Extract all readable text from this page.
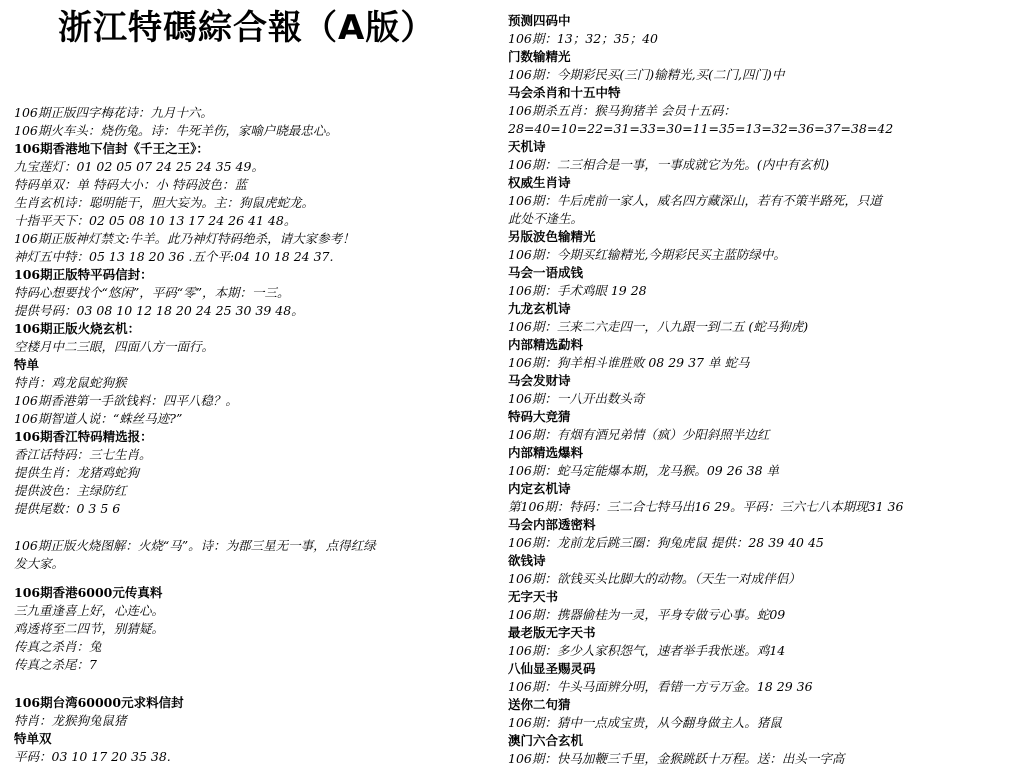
浙江特碼綜合報（A版）
106期正版四字梅花诗：九月十六。
106期火车头：烧伤兔。诗：牛死羊伤，家喻户晓最忠心。
106期香港地下信封《千王之王》：
九宝莲灯：01 02 05 07 24 25 24 35 49。
特码单双：单 特码大小：小 特码波色：蓝
生肖玄机诗：聪明能干，胆大妄为。主：狗鼠虎蛇龙。
十指平天下：02 05 08 10 13 17 24 26 41 48。
106期正版神灯禁文:牛羊。此乃神灯特码绝杀，请大家参考！
神灯五中特：05 13 18 20 36 .五个平:04 10 18 24 37.
106期正版特平码信封：
特码心想要找个“悠闲”，平码“零”，本期：一三。
提供号码：03 08 10 12 18 20 24 25 30 39 48。
106期正版火烧玄机：
空楼月中二三眼，四面八方一面行。
特单
特肖：鸡龙鼠蛇狗猴
106期香港第一手欲钱料：四平八稳？。
106期智道人说：“蛛丝马迹?”
106期香江特码精选报：
香江话特码：三七生肖。
提供生肖：龙猪鸡蛇狗
提供波色：主绿防红
提供尾数：0 3 5 6
106期正版火烧图解：火烧“马”。诗：为郡三星无一事，点得红绿
发大家。
106期香港6000元传真料
三九重逢喜上好，心连心。
鸡透将至二四节，别猜疑。
传真之杀肖：兔
传真之杀尾：7
106期台湾60000元求料信封
特肖：龙猴狗兔鼠猪
特单双
平码：03 10 17 20 35 38.
预测四码中
106期：13；32；35；40
门数输精光
106期：今期彩民买(三门)输精光,买(二门,四门)中
马会杀肖和十五中特
106期杀五肖：猴马狗猪羊 会员十五码：
28=40=10=22=31=33=30=11=35=13=32=36=37=38=42
天机诗
106期：二三相合是一事，一事成就它为先。(内中有玄机)
权威生肖诗
106期：牛后虎前一家人，威名四方藏深山，若有不策半路死，只道
此处不逢生。
另版波色输精光
106期：今期买红输精光,今期彩民买主蓝防绿中。
马会一语成钱
106期：手术鸡眼 19 28
九龙玄机诗
106期：三来二六走四一，八九跟一到二五 (蛇马狗虎)
内部精选勐料
106期：狗羊相斗谁胜败 08 29 37 单 蛇马
马会发财诗
106期：一八开出数头奇
特码大竞猜
106期：有烟有酒兄弟情（疯）少阳斜照半边红
内部精选爆料
106期：蛇马定能爆本期，龙马猴。09 26 38 单
内定玄机诗
第106期：特码：三二合七特马出16 29。平码：三六七八本期现31 36
马会内部透密料
106期：龙前龙后跳三圈：狗兔虎鼠 提供：28 39 40 45
欲钱诗
106期：欲钱买头比脚大的动物。（天生一对成伴侣）
无字天书
106期：携器偷桂为一灵，平身专做亏心事。蛇09
最老版无字天书
106期：多少人家积怨气，速者举手我怅迷。鸡14
八仙显圣赐灵码
106期：牛头马面辨分明，看错一方亏万金。18 29 36
送你二句猜
106期：猜中一点成宝贵，从今翻身做主人。猪鼠
澳门六合玄机
106期：快马加鞭三千里，金猴跳跃十万程。送：出头一字高
